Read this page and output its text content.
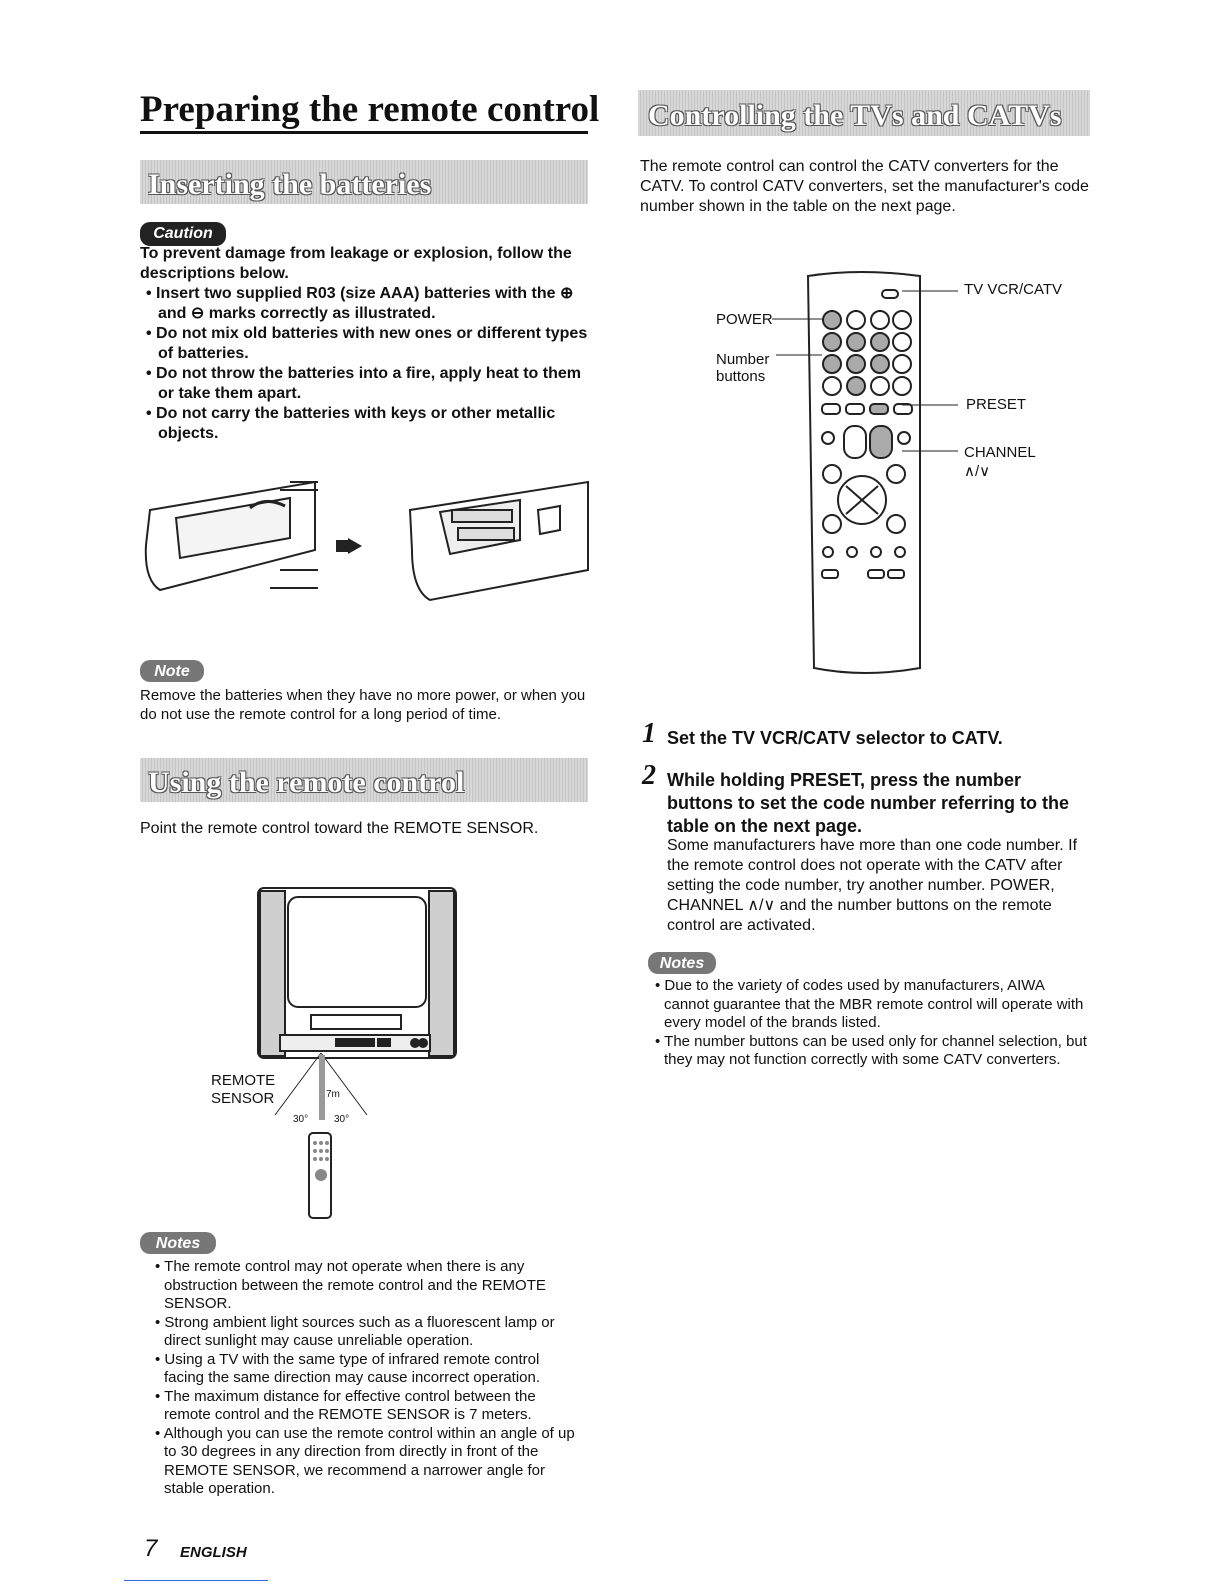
Preparing the remote control
Inserting the batteries
Caution

To prevent damage from leakage or explosion, follow the descriptions below.

• Insert two supplied R03 (size AAA) batteries with the ⊕ and ⊖ marks correctly as illustrated.

• Do not mix old batteries with new ones or different types of batteries.

• Do not throw the batteries into a fire, apply heat to them or take them apart.

• Do not carry the batteries with keys or other metallic objects.

Note
Remove the batteries when they have no more power, or when you do not use the remote control for a long period of time.
Using the remote control
Point the remote control toward the REMOTE SENSOR.
REMOTE
SENSOR	7m
30°	30°
Notes
• The remote control may not operate when there is any obstruction between the remote control and the REMOTE SENSOR.
• Strong ambient light sources such as a fluorescent lamp or direct sunlight may cause unreliable operation.
• Using a TV with the same type of infrared remote control facing the same direction may cause incorrect operation.
• The maximum distance for effective control between the remote control and the REMOTE SENSOR is 7 meters.
• Although you can use the remote control within an angle of up to 30 degrees in any direction from directly in front of the REMOTE SENSOR, we recommend a narrower angle for stable operation.
Controlling the TVs and CATVs
The remote control can control the CATV converters for the CATV. To control CATV converters, set the manufacturer's code number shown in the table on the next page.
TV VCR/CATV
POWER
Number
buttons
PRESET
CHANNEL
∧/∨
1 Set the TV VCR/CATV selector to CATV.
2 While holding PRESET, press the number buttons to set the code number referring to the table on the next page.
Some manufacturers have more than one code number. If the remote control does not operate with the CATV after setting the code number, try another number. POWER, CHANNEL ∧/∨ and the number buttons on the remote control are activated.
Notes
• Due to the variety of codes used by manufacturers, AIWA cannot guarantee that the MBR remote control will operate with every model of the brands listed.
• The number buttons can be used only for channel selection, but they may not function correctly with some CATV converters.
7 ENGLISH
